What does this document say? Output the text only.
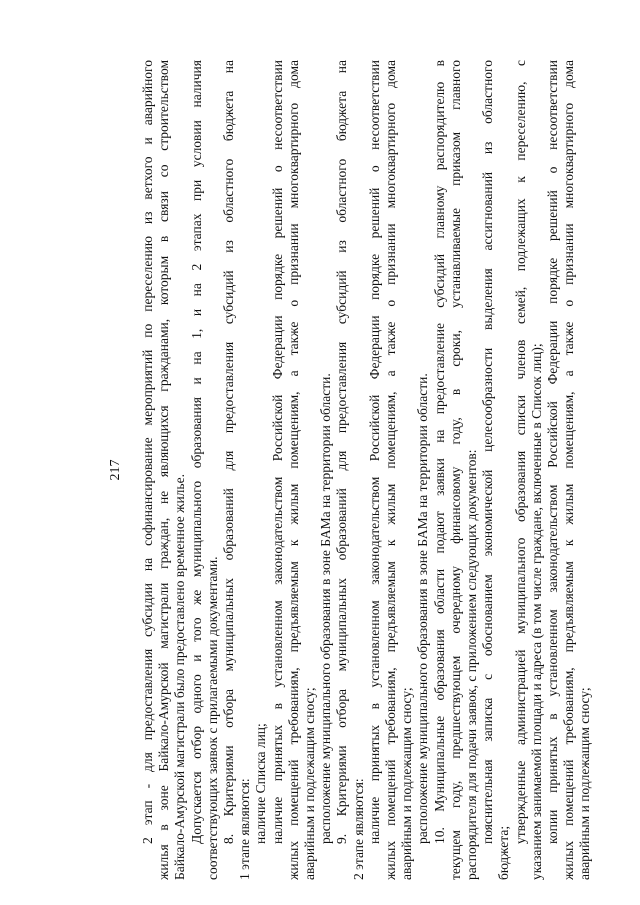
217 2 этап - для предоставления субсидии на софинансирование мероприятий по переселению из ветхого и аварийного жилья в зоне Байкало-Амурской магистрали граждан, не являющихся гражданами, которым в связи со строительством Байкало-Амурской магистрали было предоставлено временное жилье. Допускается отбор одного и того же муниципального образования и на 1, и на 2 этапах при условии наличия соответствующих заявок с прилагаемыми документами. 8. Критериями отбора муниципальных образований для предоставления субсидий из областного бюджета на 1 этапе являются: наличие Списка лиц; наличие принятых в установленном законодательством Российской Федерации порядке решений о несоответствии жилых помещений требованиям, предъявляемым к жилым помещениям, а также о признании многоквартирного дома аварийным и подлежащим сносу; расположение муниципального образования в зоне БАМа на территории области. 9. Критериями отбора муниципальных образований для предоставления субсидий из областного бюджета на 2 этапе являются: наличие принятых в установленном законодательством Российской Федерации порядке решений о несоответствии жилых помещений требованиям, предъявляемым к жилым помещениям, а также о признании многоквартирного дома аварийным и подлежащим сносу; расположение муниципального образования в зоне БАМа на территории области. 10. Муниципальные образования области подают заявки на предоставление субсидий главному распорядителю в текущем году, предшествующем очередному финансовому году, в сроки, устанавливаемые приказом главного распорядителя для подачи заявок, с приложением следующих документов: пояснительная записка с обоснованием экономической целесообразности выделения ассигнований из областного
бюджета;
утвержденные администрацией муниципального образования списки членов семей, подлежащих к переселению, с указанием занимаемой площади и адреса (в том числе граждане, включенные в Список лиц); копии принятых в установленном законодательством Российской Федерации порядке решений о несоответствии жилых помещений требованиям, предъявляемым к жилым помещениям, а также о признании многоквартирного дома аварийным и подлежащим сносу;
